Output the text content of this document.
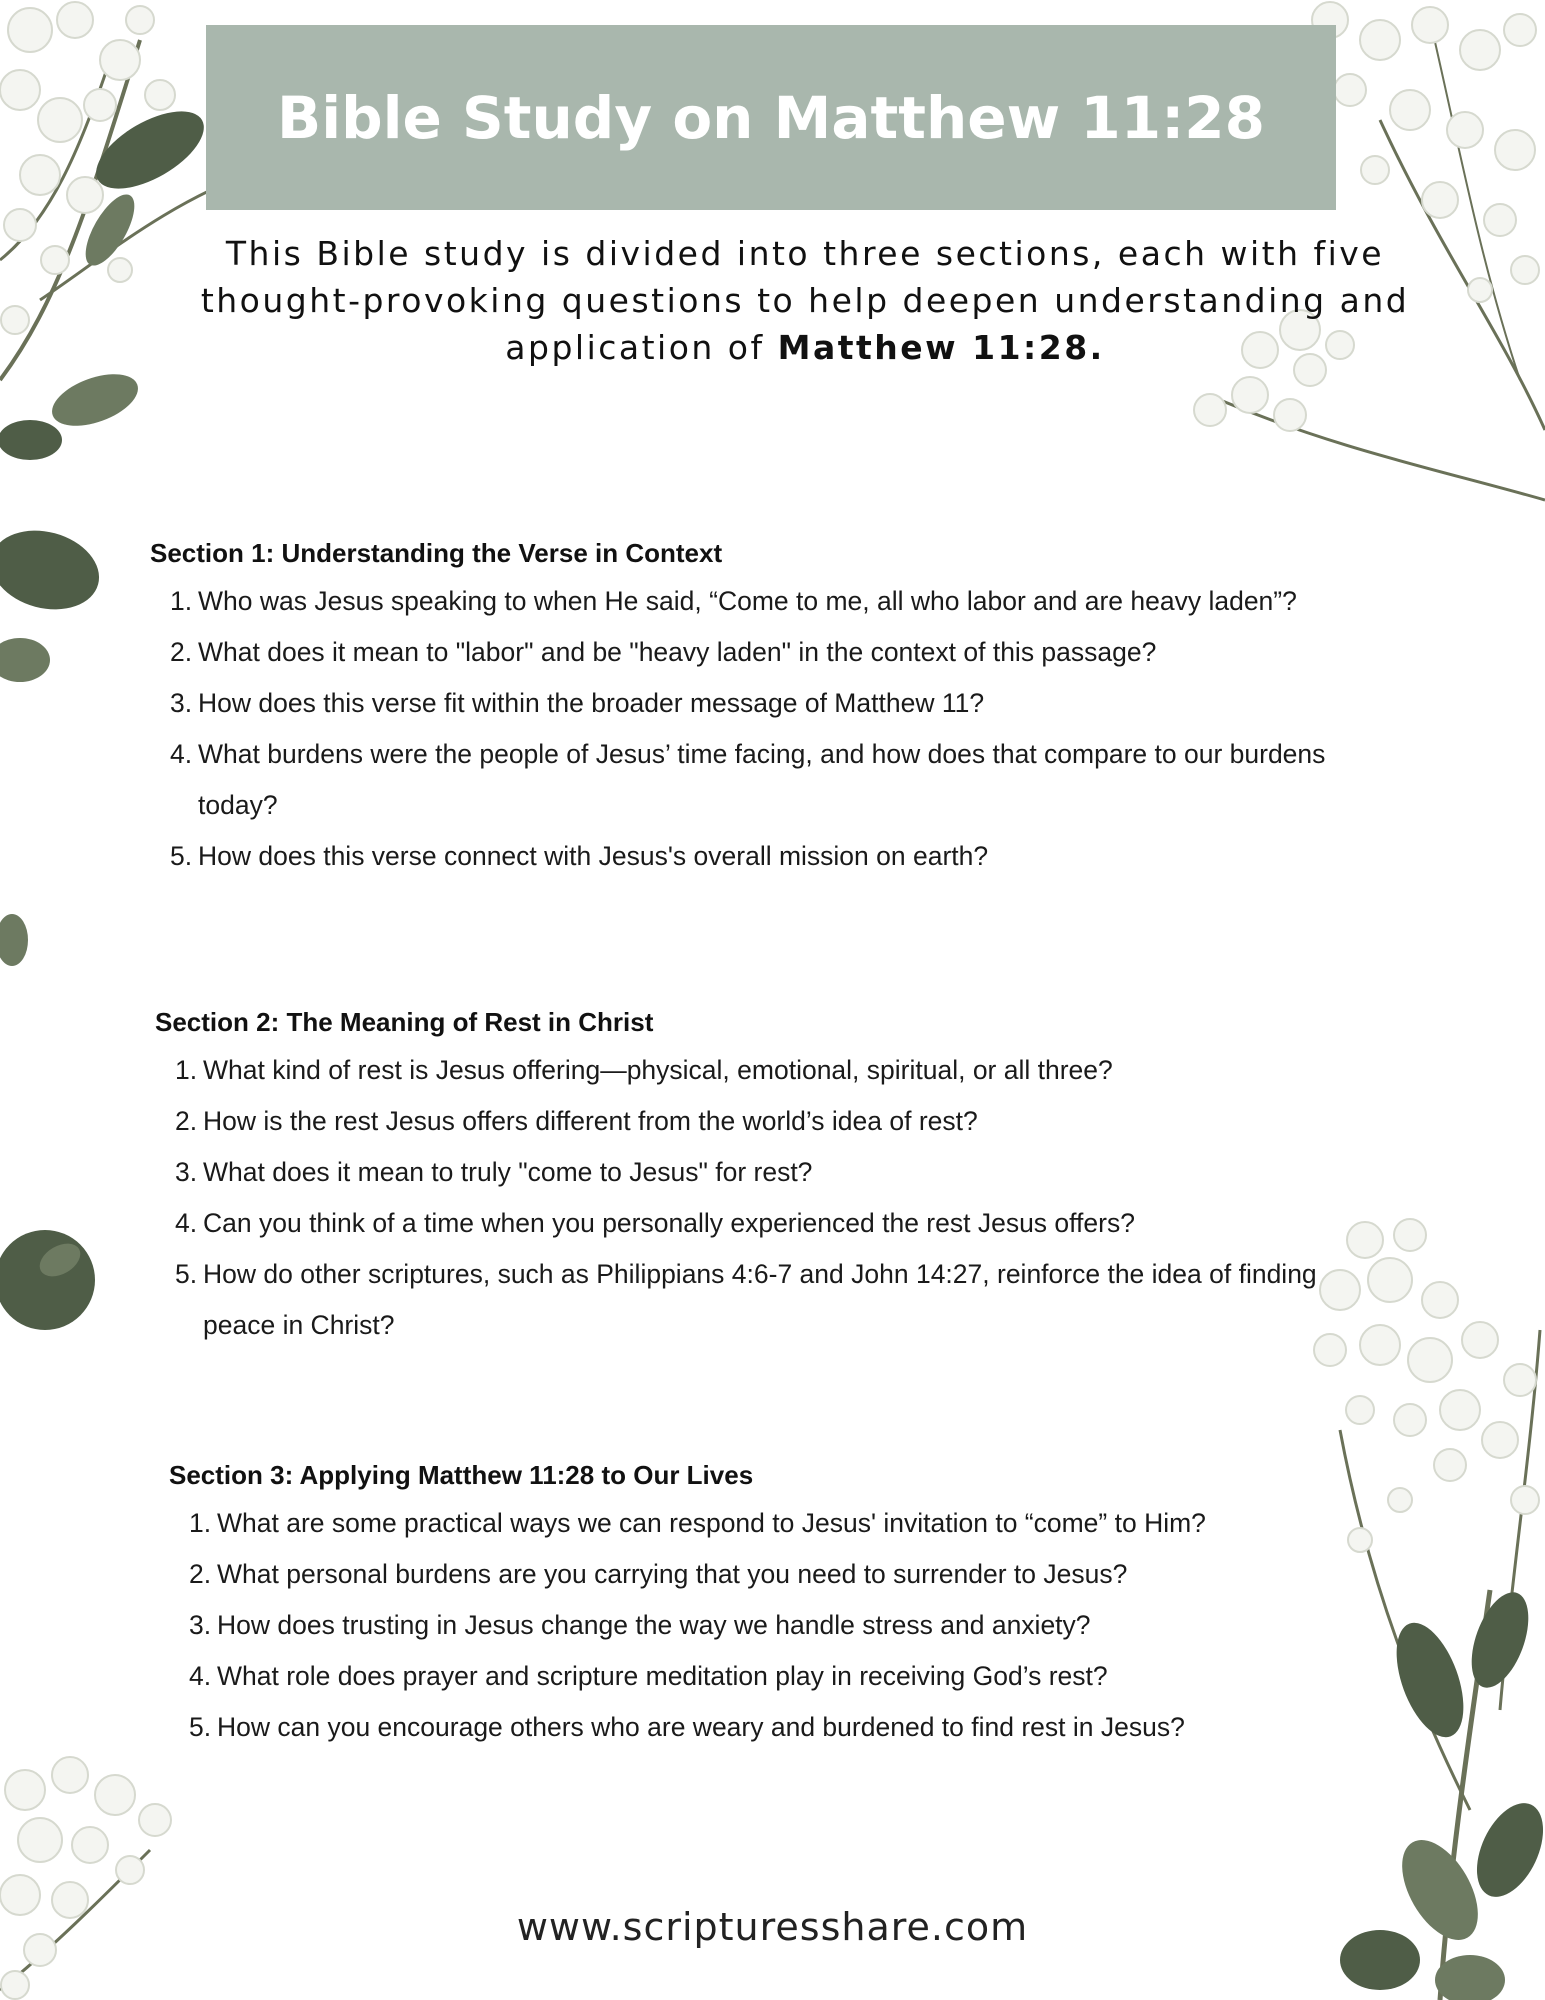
Bible Study on Matthew 11:28
This Bible study is divided into three sections, each with five thought-provoking questions to help deepen understanding and application of Matthew 11:28.
Section 1: Understanding the Verse in Context
1. Who was Jesus speaking to when He said, “Come to me, all who labor and are heavy laden”?
2. What does it mean to "labor" and be "heavy laden" in the context of this passage?
3. How does this verse fit within the broader message of Matthew 11?
4. What burdens were the people of Jesus’ time facing, and how does that compare to our burdens today?
5. How does this verse connect with Jesus's overall mission on earth?
Section 2: The Meaning of Rest in Christ
1. What kind of rest is Jesus offering—physical, emotional, spiritual, or all three?
2. How is the rest Jesus offers different from the world’s idea of rest?
3. What does it mean to truly "come to Jesus" for rest?
4. Can you think of a time when you personally experienced the rest Jesus offers?
5. How do other scriptures, such as Philippians 4:6-7 and John 14:27, reinforce the idea of finding peace in Christ?
Section 3: Applying Matthew 11:28 to Our Lives
1. What are some practical ways we can respond to Jesus' invitation to “come” to Him?
2. What personal burdens are you carrying that you need to surrender to Jesus?
3. How does trusting in Jesus change the way we handle stress and anxiety?
4. What role does prayer and scripture meditation play in receiving God’s rest?
5. How can you encourage others who are weary and burdened to find rest in Jesus?
www.scripturesshare.com
